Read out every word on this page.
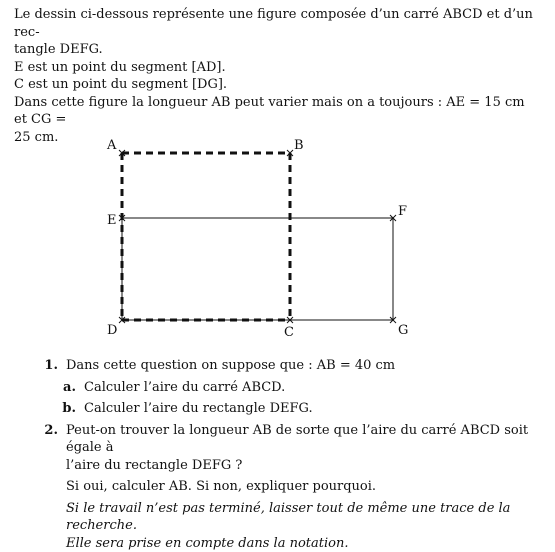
Le dessin ci-dessous représente une figure composée d’un carré ABCD et d’un rec-

tangle DEFG.

E est un point du segment [AD].

C est un point du segment [DG].

Dans cette figure la longueur AB peut varier mais on a toujours : AE = 15 cm et CG =

25 cm.

A	B
E
F
D	C	G
1. Dans cette question on suppose que : AB = 40 cm
a. Calculer l’aire du carré ABCD.
b. Calculer l’aire du rectangle DEFG.
2. Peut-on trouver la longueur AB de sorte que l’aire du carré ABCD soit égale à
l’aire du rectangle DEFG ?
Si oui, calculer AB. Si non, expliquer pourquoi.
Si le travail n’est pas terminé, laisser tout de même une trace de la recherche.
Elle sera prise en compte dans la notation.
